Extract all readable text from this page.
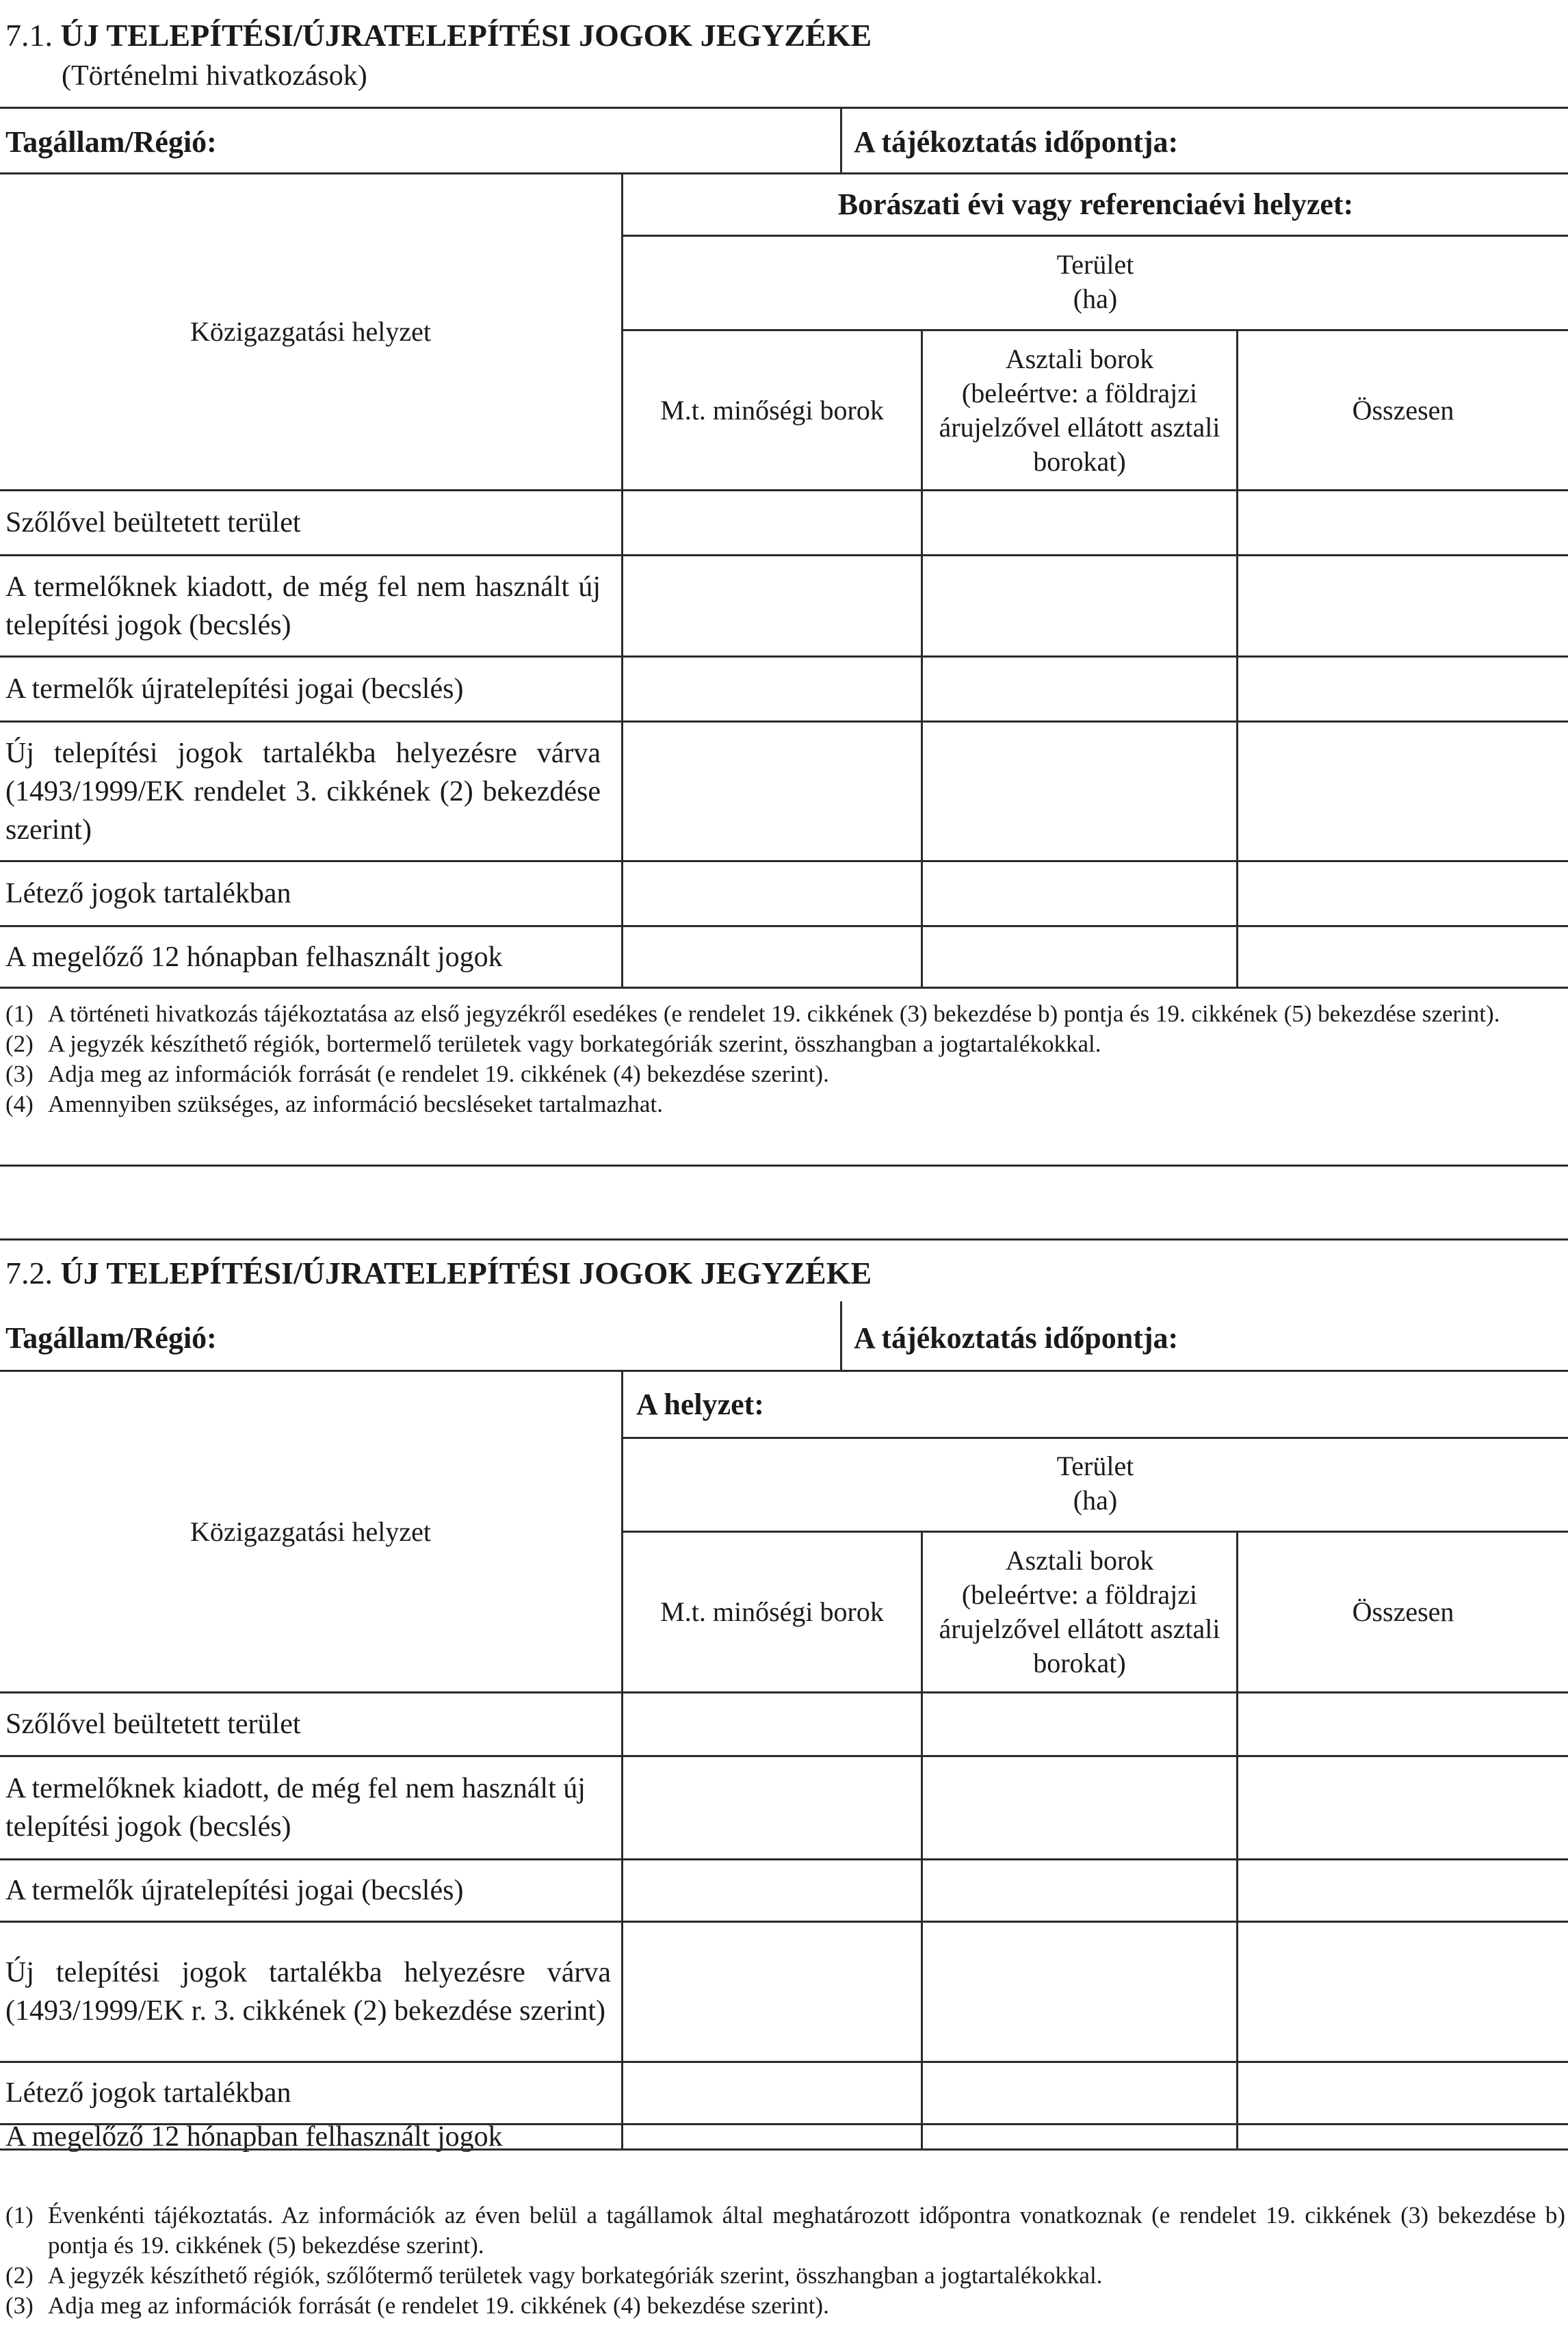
7.1. ÚJ TELEPÍTÉSI/ÚJRATELEPÍTÉSI JOGOK JEGYZÉKE
(Történelmi hivatkozások)
Tagállam/Régió:	A tájékoztatás időpontja:
Közigazgatási helyzet
Borászati évi vagy referenciaévi helyzet:
Terület
(ha)
M.t. minőségi borok
Asztali borok
(beleértve: a földrajzi
árujelzővel ellátott asztali
borokat)
Összesen
Szőlővel beültetett terület
A termelőknek kiadott, de még fel nem használt új telepítési jogok (becslés)
A termelők újratelepítési jogai (becslés)
Új telepítési jogok tartalékba helyezésre várva (1493/1999/EK rendelet 3. cikkének (2) bekezdése szerint)
Létező jogok tartalékban
A megelőző 12 hónapban felhasznált jogok
(1) A történeti hivatkozás tájékoztatása az első jegyzékről esedékes (e rendelet 19. cikkének (3) bekezdése b) pontja és 19. cikkének (5) bekezdése szerint).
(2) A jegyzék készíthető régiók, bortermelő területek vagy borkategóriák szerint, összhangban a jogtartalékokkal.
(3) Adja meg az információk forrását (e rendelet 19. cikkének (4) bekezdése szerint).
(4) Amennyiben szükséges, az információ becsléseket tartalmazhat.
7.2. ÚJ TELEPÍTÉSI/ÚJRATELEPÍTÉSI JOGOK JEGYZÉKE
Tagállam/Régió:	A tájékoztatás időpontja:
Közigazgatási helyzet
A helyzet:
Terület
(ha)
M.t. minőségi borok
Asztali borok
(beleértve: a földrajzi
árujelzővel ellátott asztali
borokat)
Összesen
Szőlővel beültetett terület
A termelőknek kiadott, de még fel nem használt új telepítési jogok (becslés)
A termelők újratelepítési jogai (becslés)
Új telepítési jogok tartalékba helyezésre várva (1493/1999/EK r. 3. cikkének (2) bekezdése szerint)
Létező jogok tartalékban
A megelőző 12 hónapban felhasznált jogok
(1) Évenkénti tájékoztatás. Az információk az éven belül a tagállamok által meghatározott időpontra vonatkoznak (e rendelet 19. cikkének (3) bekezdése b) pontja és 19. cikkének (5) bekezdése szerint).
(2) A jegyzék készíthető régiók, szőlőtermő területek vagy borkategóriák szerint, összhangban a jogtartalékokkal.
(3) Adja meg az információk forrását (e rendelet 19. cikkének (4) bekezdése szerint).
